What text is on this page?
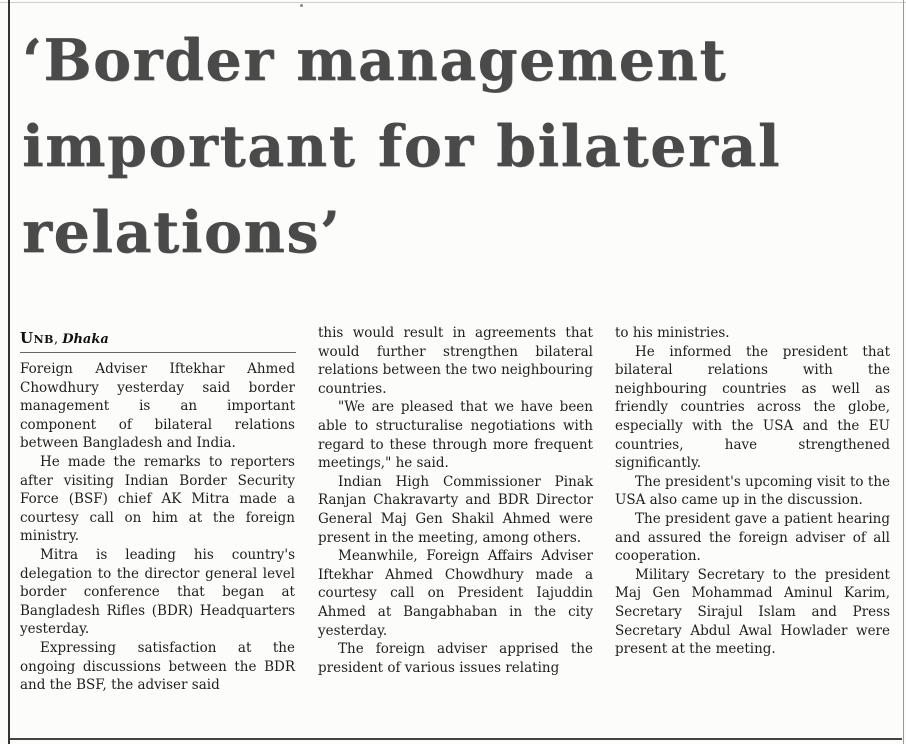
‘Border management
important for bilateral
relations’
Unb, Dhaka

Foreign Adviser Iftekhar Ahmed Chowdhury yesterday said border management is an important component of bilateral relations between Bangladesh and India.

He made the remarks to reporters after visiting Indian Border Security Force (BSF) chief AK Mitra made a courtesy call on him at the foreign ministry.

Mitra is leading his country's delegation to the director general level border conference that began at Bangladesh Rifles (BDR) Headquarters yesterday.

Expressing satisfaction at the ongoing discussions between the BDR and the BSF, the adviser said

this would result in agreements that would further strengthen bilateral relations between the two neighbouring countries.

"We are pleased that we have been able to structuralise negotiations with regard to these through more frequent meetings," he said.

Indian High Commissioner Pinak Ranjan Chakravarty and BDR Director General Maj Gen Shakil Ahmed were present in the meeting, among others.

Meanwhile, Foreign Affairs Adviser Iftekhar Ahmed Chowdhury made a courtesy call on President Iajuddin Ahmed at Bangabhaban in the city yesterday.

The foreign adviser apprised the president of various issues relating

to his ministries.

He informed the president that bilateral relations with the neighbouring countries as well as friendly countries across the globe, especially with the USA and the EU countries, have strengthened significantly.

The president's upcoming visit to the USA also came up in the discussion.

The president gave a patient hearing and assured the foreign adviser of all cooperation.

Military Secretary to the president Maj Gen Mohammad Aminul Karim, Secretary Sirajul Islam and Press Secretary Abdul Awal Howlader were present at the meeting.
